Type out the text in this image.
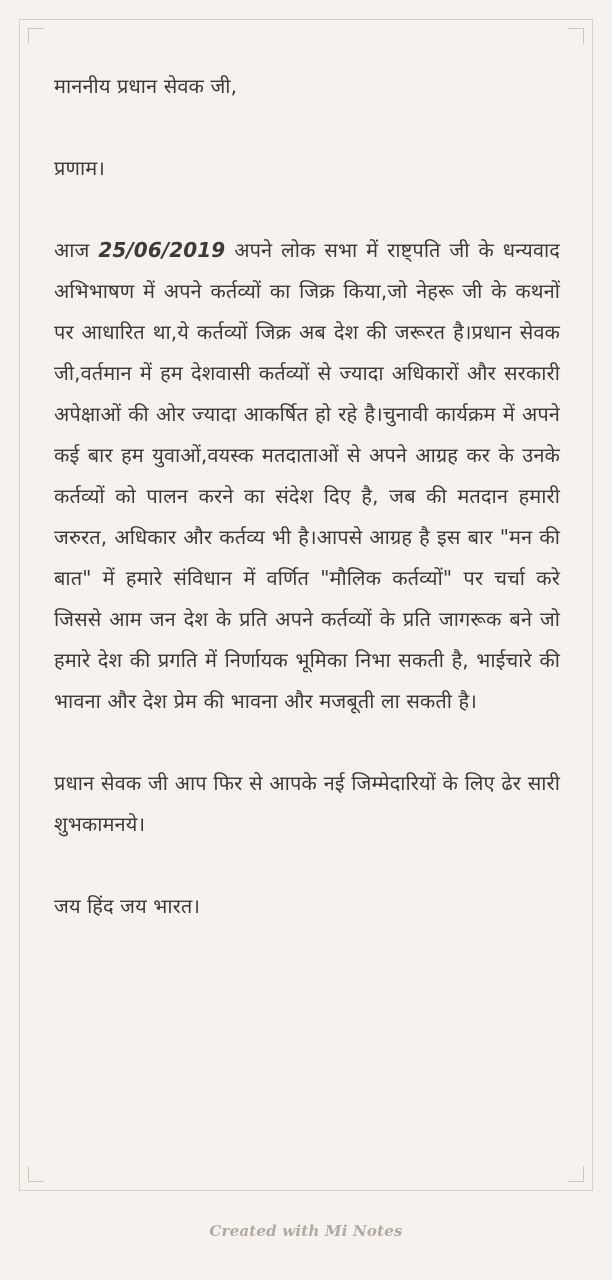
माननीय प्रधान सेवक जी,

प्रणाम।

आज 25/06/2019 अपने लोक सभा में राष्ट्पति जी के धन्यवाद अभिभाषण में अपने कर्तव्यों का जिक्र किया,जो नेहरू जी के कथनों पर आधारित था,ये कर्तव्यों जिक्र अब देश की जरूरत है।प्रधान सेवक जी,वर्तमान में हम देशवासी कर्तव्यों से ज्यादा अधिकारों और सरकारी अपेक्षाओं की ओर ज्यादा आकर्षित हो रहे है।चुनावी कार्यक्रम में अपने कई बार हम युवाओं,वयस्क मतदाताओं से अपने आग्रह कर के उनके कर्तव्यों को पालन करने का संदेश दिए है, जब की मतदान हमारी जरुरत, अधिकार और कर्तव्य भी है।आपसे आग्रह है इस बार "मन की बात" में हमारे संविधान में वर्णित "मौलिक कर्तव्यों" पर चर्चा करे जिससे आम जन देश के प्रति अपने कर्तव्यों के प्रति जागरूक बने जो हमारे देश की प्रगति में निर्णायक भूमिका निभा सकती है, भाईचारे की भावना और देश प्रेम की भावना और मजबूती ला सकती है।

प्रधान सेवक जी आप फिर से आपके नई जिम्मेदारियों के लिए ढेर सारी शुभकामनये।

जय हिंद जय भारत।

Created with Mi Notes
